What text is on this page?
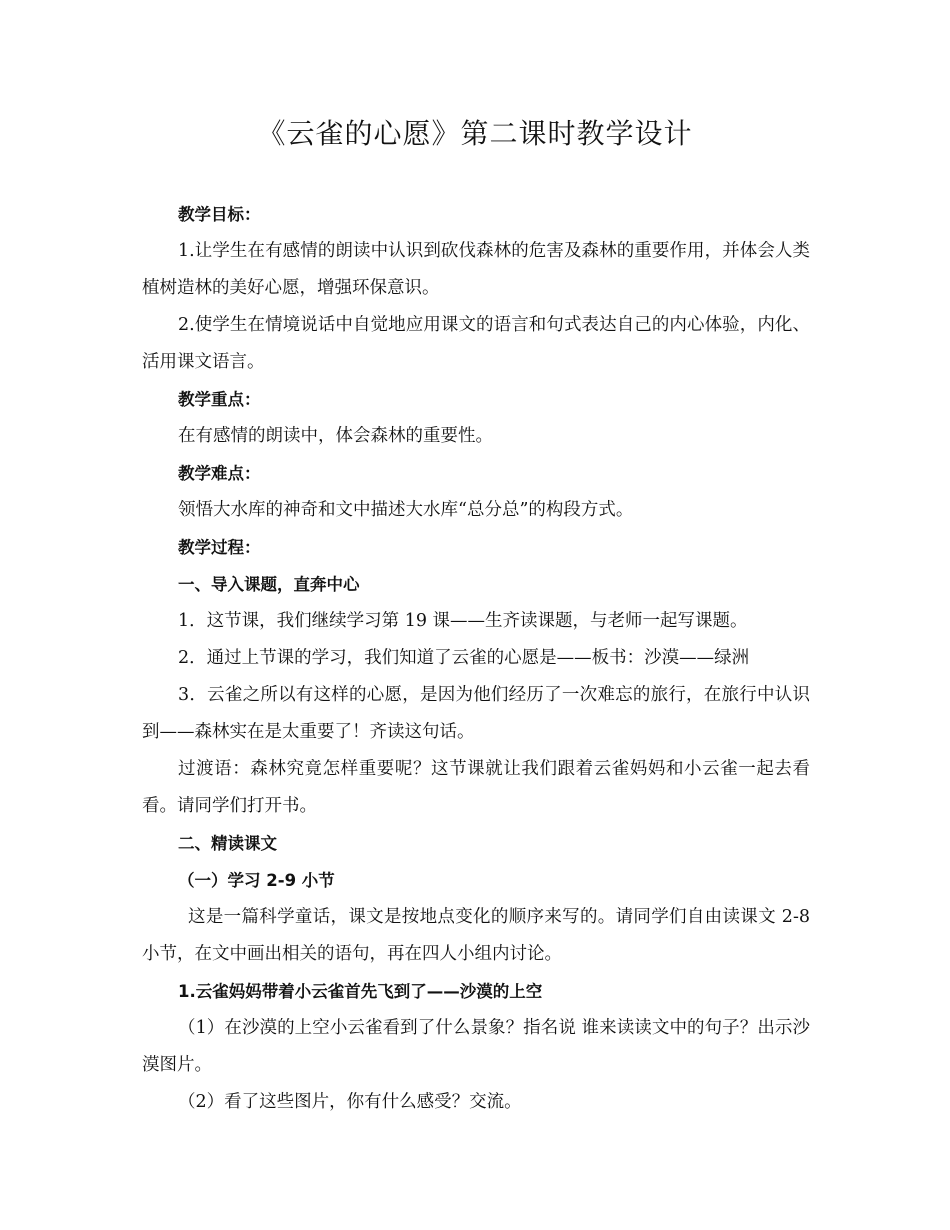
《云雀的心愿》第二课时教学设计

教学目标：

1.让学生在有感情的朗读中认识到砍伐森林的危害及森林的重要作用，并体会人类植树造林的美好心愿，增强环保意识。

2.使学生在情境说话中自觉地应用课文的语言和句式表达自己的内心体验，内化、活用课文语言。

教学重点：

在有感情的朗读中，体会森林的重要性。

教学难点：

领悟大水库的神奇和文中描述大水库“总分总”的构段方式。

教学过程：

一、导入课题，直奔中心

1．这节课，我们继续学习第 19 课——生齐读课题，与老师一起写课题。

2．通过上节课的学习，我们知道了云雀的心愿是——板书：沙漠——绿洲

3．云雀之所以有这样的心愿，是因为他们经历了一次难忘的旅行，在旅行中认识到——森林实在是太重要了！齐读这句话。

过渡语：森林究竟怎样重要呢？这节课就让我们跟着云雀妈妈和小云雀一起去看看。请同学们打开书。

二、精读课文

（一）学习 2-9 小节

这是一篇科学童话，课文是按地点变化的顺序来写的。请同学们自由读课文 2-8 小节，在文中画出相关的语句，再在四人小组内讨论。

1.云雀妈妈带着小云雀首先飞到了——沙漠的上空

（1）在沙漠的上空小云雀看到了什么景象？指名说 谁来读读文中的句子？出示沙漠图片。

（2）看了这些图片，你有什么感受？交流。
